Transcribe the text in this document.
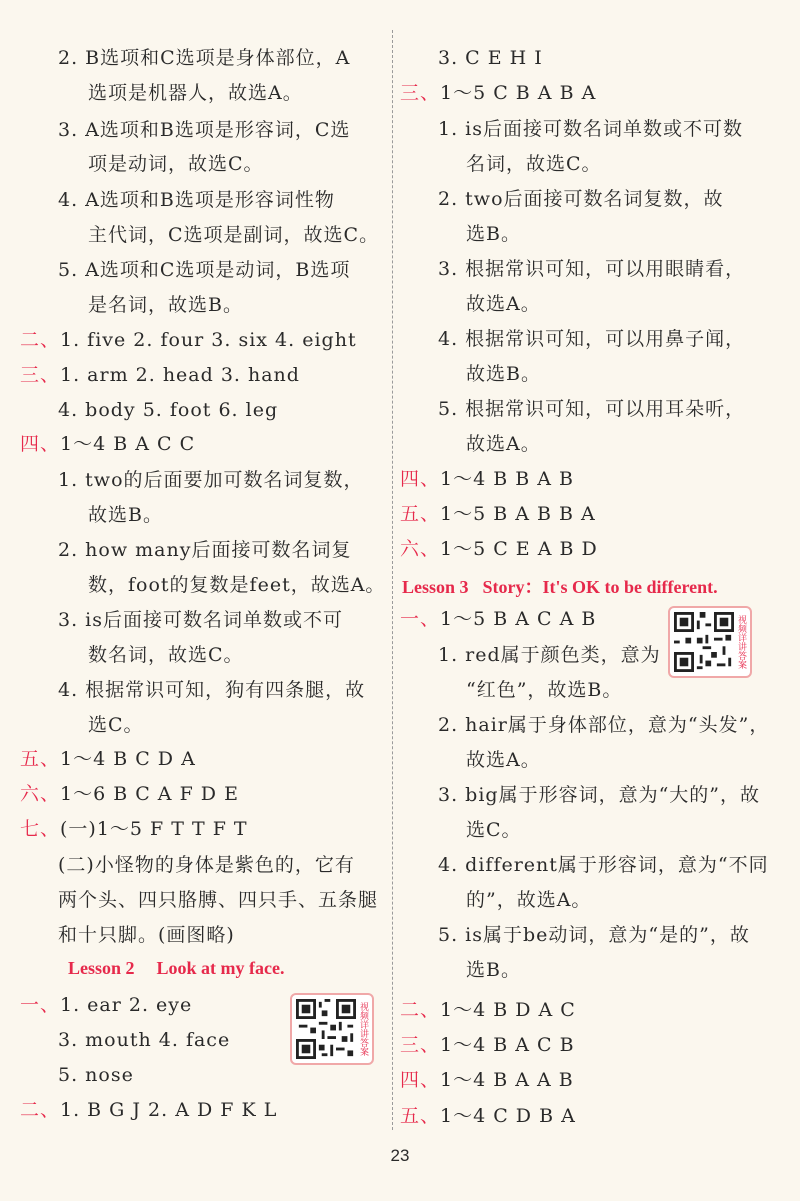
2. B选项和C选项是身体部位，A
选项是机器人，故选A。
3. A选项和B选项是形容词，C选
项是动词，故选C。
4. A选项和B选项是形容词性物
主代词，C选项是副词，故选C。
5. A选项和C选项是动词，B选项
是名词，故选B。
二、1. five 2. four 3. six 4. eight
三、1. arm 2. head 3. hand
4. body 5. foot 6. leg
四、1～4 B A C C
1. two的后面要加可数名词复数，
故选B。
2. how many后面接可数名词复
数，foot的复数是feet，故选A。
3. is后面接可数名词单数或不可
数名词，故选C。
4. 根据常识可知，狗有四条腿，故
选C。
五、1～4 B C D A
六、1～6 B C A F D E
七、(一)1～5 F T T F T
(二)小怪物的身体是紫色的，它有
两个头、四只胳膊、四只手、五条腿
和十只脚。(画图略)
Lesson 2 Look at my face.
一、1. ear 2. eye
3. mouth 4. face
5. nose
二、1. B G J 2. A D F K L
视频详讲答案
3. C E H I
三、1～5 C B A B A
1. is后面接可数名词单数或不可数
名词，故选C。
2. two后面接可数名词复数，故
选B。
3. 根据常识可知，可以用眼睛看，
故选A。
4. 根据常识可知，可以用鼻子闻，
故选B。
5. 根据常识可知，可以用耳朵听，
故选A。
四、1～4 B B A B
五、1～5 B A B B A
六、1～5 C E A B D
Lesson 3 Story：It's OK to be different.
一、1～5 B A C A B
1. red属于颜色类，意为
“红色”，故选B。
2. hair属于身体部位，意为“头发”，
故选A。
3. big属于形容词，意为“大的”，故
选C。
4. different属于形容词，意为“不同
的”，故选A。
5. is属于be动词，意为“是的”，故
选B。
二、1～4 B D A C
三、1～4 B A C B
四、1～4 B A A B
五、1～4 C D B A
视频详讲答案
23
